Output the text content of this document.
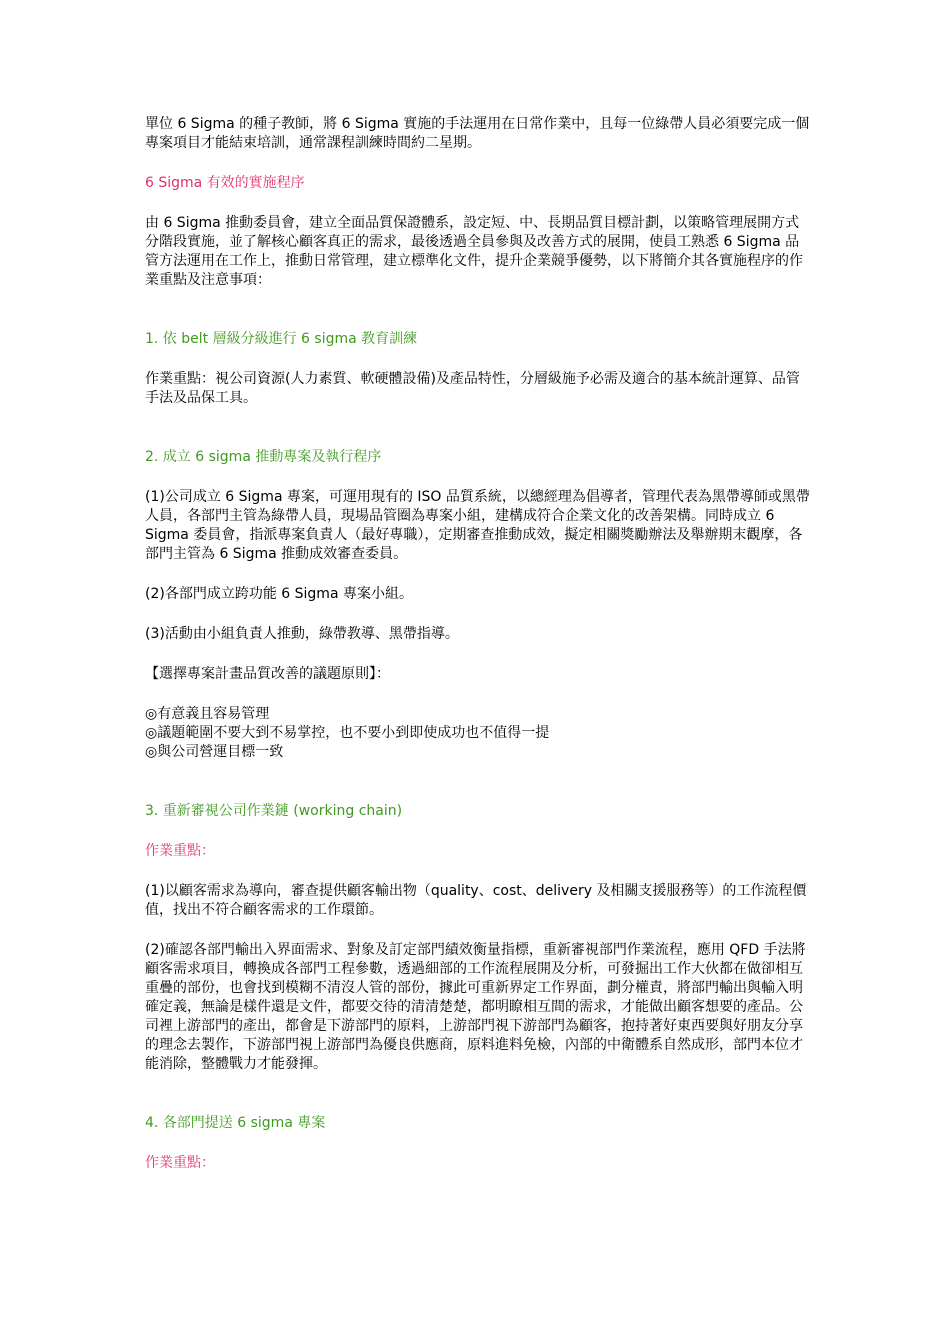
單位 6 Sigma 的種子教師，將 6 Sigma 實施的手法運用在日常作業中，且每一位綠帶人員必須要完成一個專案項目才能結束培訓，通常課程訓練時間約二星期。

6 Sigma 有效的實施程序

由 6 Sigma 推動委員會，建立全面品質保證體系，設定短、中、長期品質目標計劃，以策略管理展開方式分階段實施，並了解核心顧客真正的需求，最後透過全員參與及改善方式的展開，使員工熟悉 6 Sigma 品管方法運用在工作上，推動日常管理，建立標準化文件，提升企業競爭優勢，以下將簡介其各實施程序的作業重點及注意事項：

1. 依 belt 層級分級進行 6 sigma 教育訓練

作業重點：視公司資源(人力素質、軟硬體設備)及產品特性，分層級施予必需及適合的基本統計運算、品管手法及品保工具。

2. 成立 6 sigma 推動專案及執行程序

(1)公司成立 6 Sigma 專案，可運用現有的 ISO 品質系統，以總經理為倡導者，管理代表為黑帶導師或黑帶人員，各部門主管為綠帶人員，現場品管圈為專案小組，建構成符合企業文化的改善架構。同時成立 6 Sigma 委員會，指派專案負責人（最好專職），定期審查推動成效，擬定相關獎勵辦法及舉辦期末觀摩，各部門主管為 6 Sigma 推動成效審查委員。

(2)各部門成立跨功能 6 Sigma 專案小組。

(3)活動由小組負責人推動，綠帶教導、黑帶指導。

【選擇專案計畫品質改善的議題原則】：

◎有意義且容易管理

◎議題範圍不要大到不易掌控，也不要小到即使成功也不值得一提

◎與公司營運目標一致

3. 重新審視公司作業鏈 (working chain)

作業重點：

(1)以顧客需求為導向，審查提供顧客輸出物（quality、cost、delivery 及相關支援服務等）的工作流程價值，找出不符合顧客需求的工作環節。

(2)確認各部門輸出入界面需求、對象及訂定部門績效衡量指標，重新審視部門作業流程，應用 QFD 手法將顧客需求項目，轉換成各部門工程參數，透過細部的工作流程展開及分析，可發掘出工作大伙都在做卻相互重疊的部份，也會找到模糊不清沒人管的部份，據此可重新界定工作界面，劃分權責，將部門輸出與輸入明確定義，無論是樣件還是文件，都要交待的清清楚楚，都明瞭相互間的需求，才能做出顧客想要的產品。公司裡上游部門的產出，都會是下游部門的原料，上游部門視下游部門為顧客，抱持著好東西要與好朋友分享的理念去製作，下游部門視上游部門為優良供應商，原料進料免檢，內部的中衛體系自然成形，部門本位才能消除，整體戰力才能發揮。

4. 各部門提送 6 sigma 專案

作業重點：
